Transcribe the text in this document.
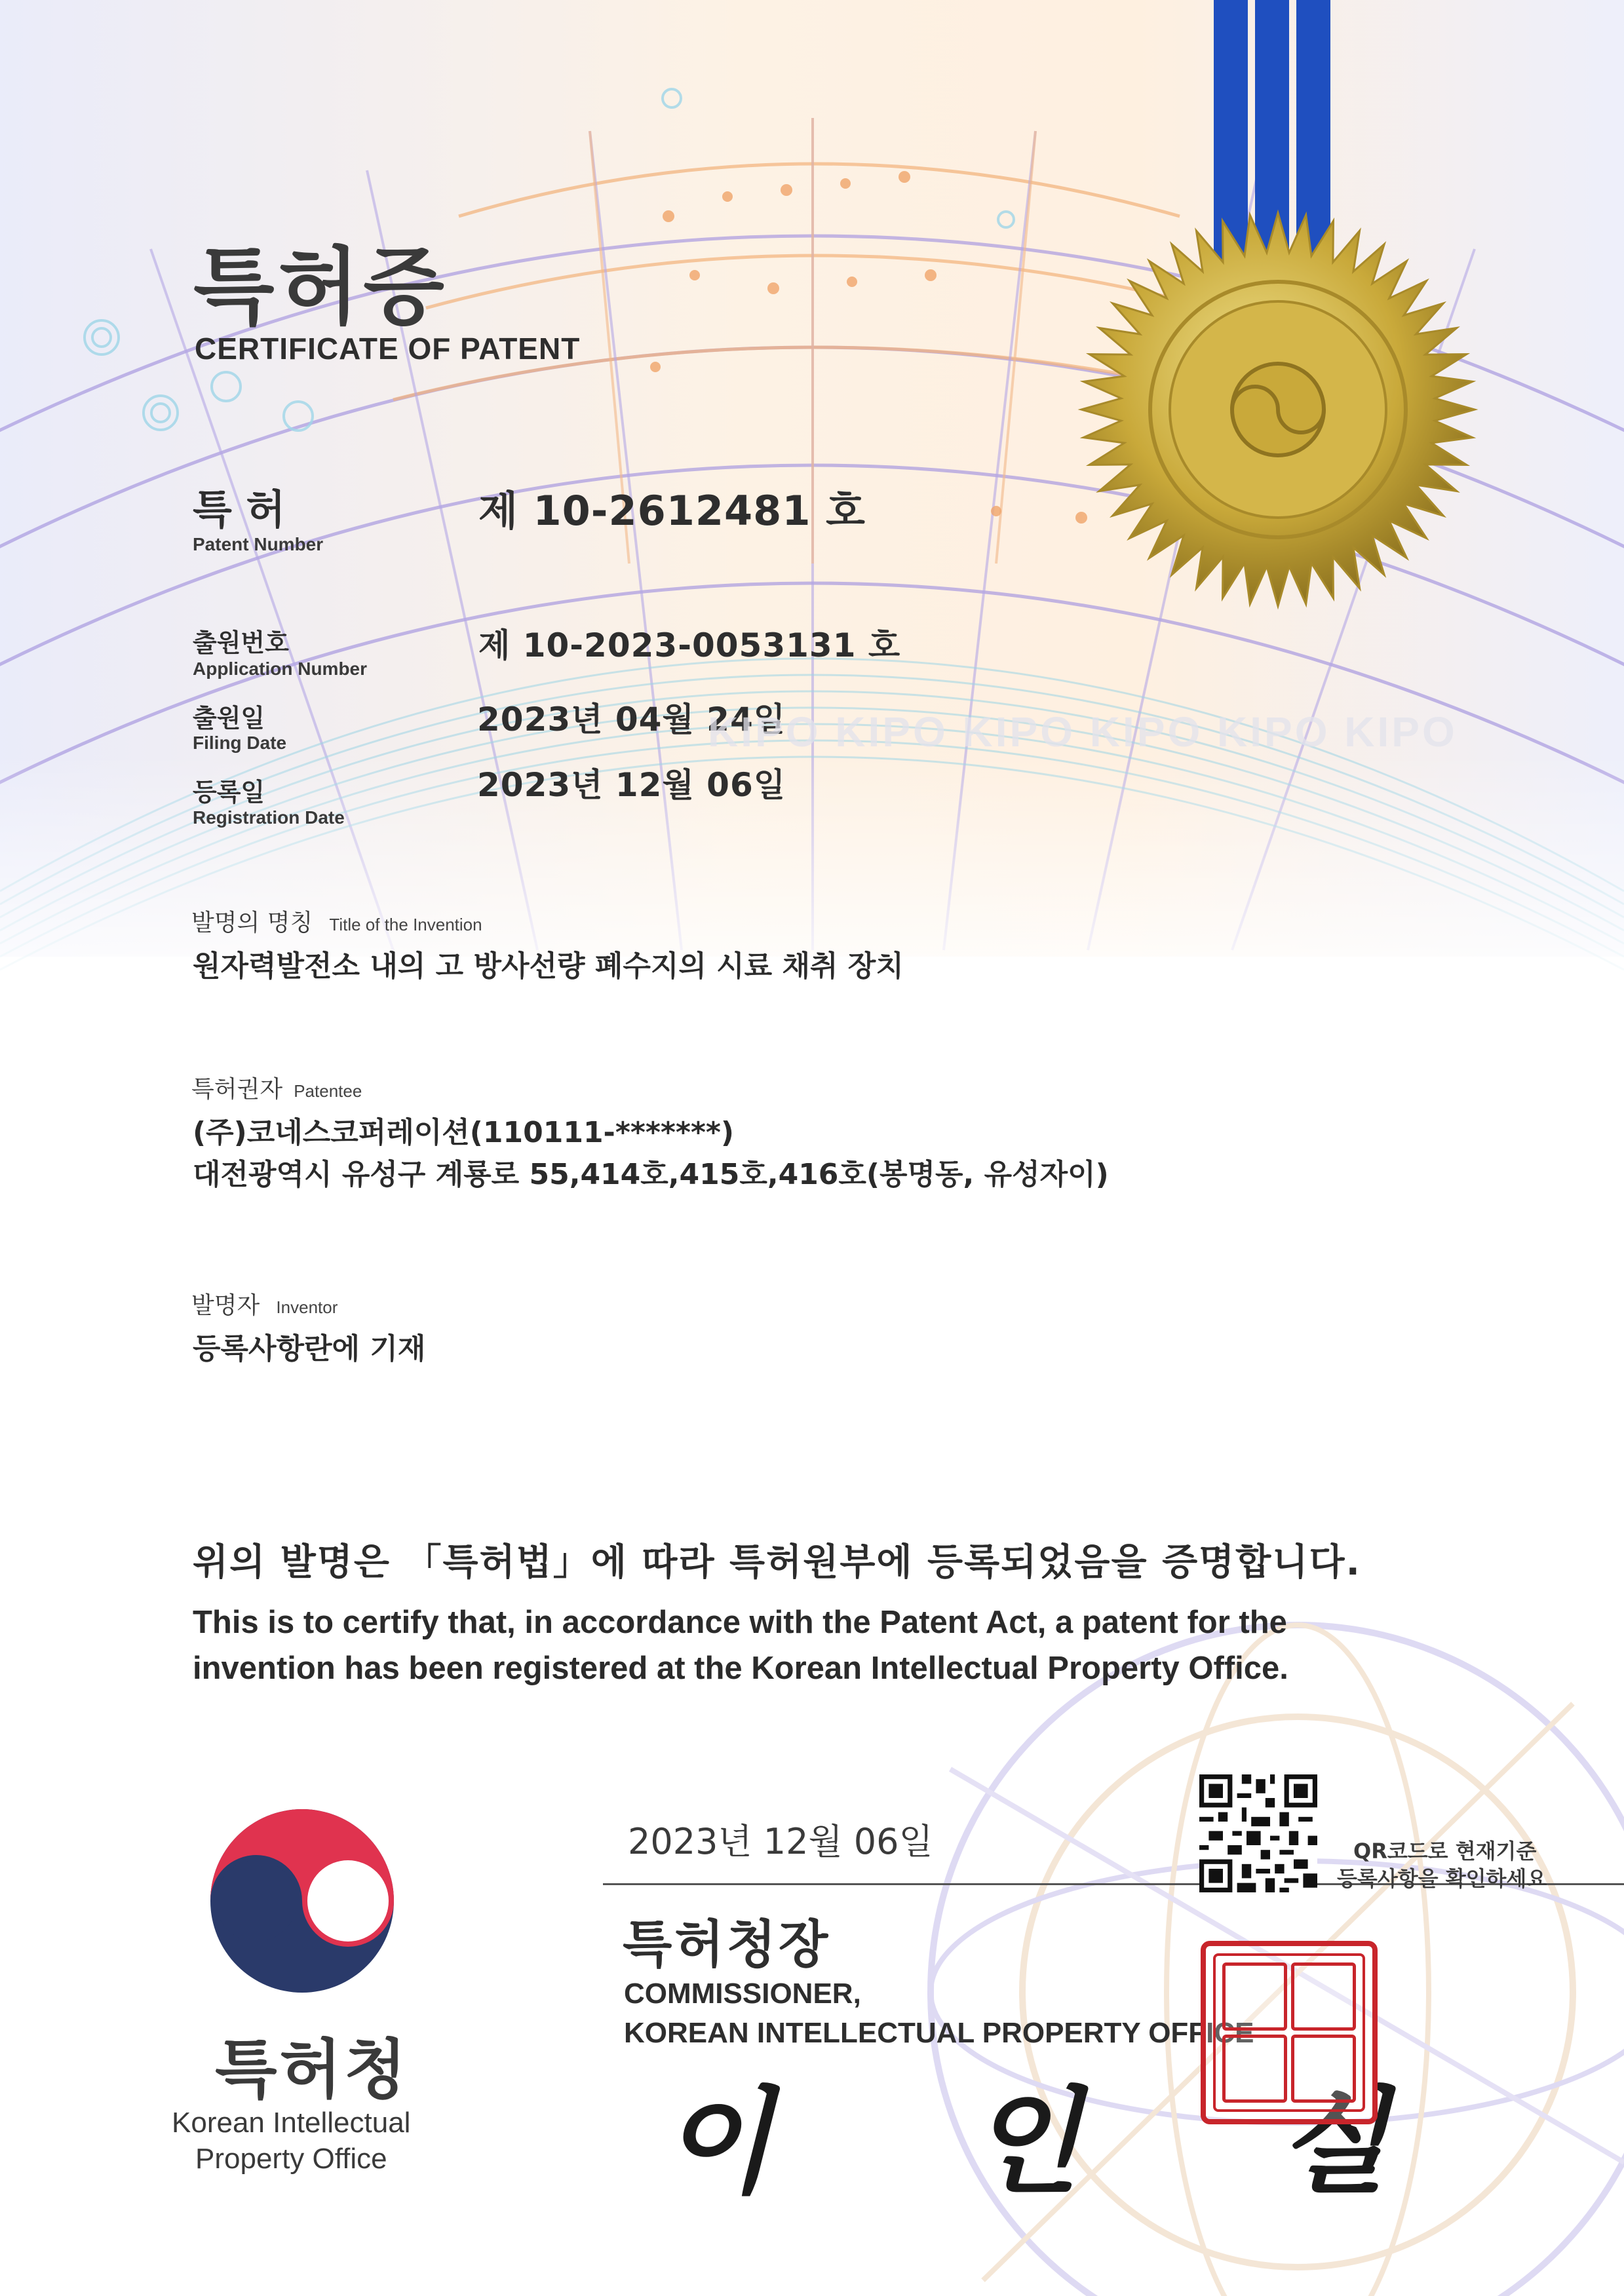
특허증
CERTIFICATE OF PATENT
특 허
Patent Number
제 10-2612481 호
출원번호
Application Number
제 10-2023-0053131 호
출원일
Filing Date
2023년 04월 24일
등록일
Registration Date
2023년 12월 06일
KIPO KIPO KIPO KIPO KIPO KIPO
발명의 명칭 Title of the Invention
원자력발전소 내의 고 방사선량 폐수지의 시료 채취 장치
특허권자 Patentee
(주)코네스코퍼레이션(110111-*******)
대전광역시 유성구 계룡로 55,414호,415호,416호(봉명동, 유성자이)
발명자 Inventor
등록사항란에 기재
위의 발명은 「특허법」에 따라 특허원부에 등록되었음을 증명합니다.
This is to certify that, in accordance with the Patent Act, a patent for the
invention has been registered at the Korean Intellectual Property Office.
특허청
Korean Intellectual
Property Office
2023년 12월 06일	QR코드로 현재기준
등록사항을 확인하세요
특허청장
COMMISSIONER,
KOREAN INTELLECTUAL PROPERTY OFFICE
이 인 실
